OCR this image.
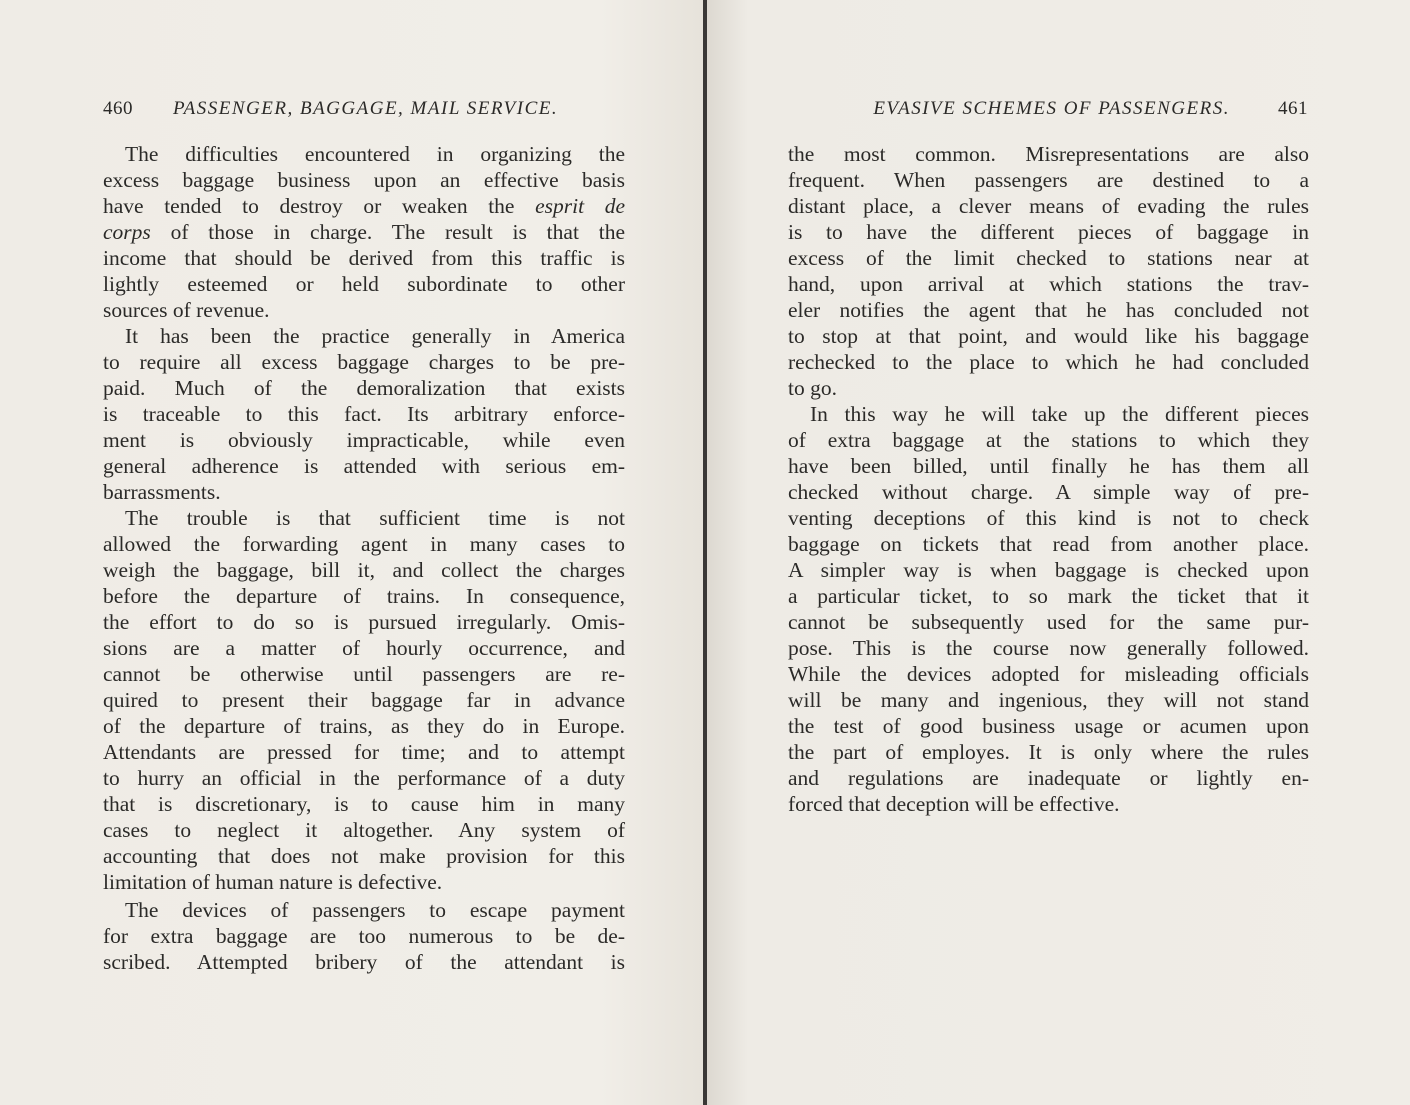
460 PASSENGER, BAGGAGE, MAIL SERVICE.	EVASIVE SCHEMES OF PASSENGERS.	461
The difficulties encountered in organizing the
excess baggage business upon an effective basis
have tended to destroy or weaken the esprit de
corps of those in charge. The result is that the
income that should be derived from this traffic is
lightly esteemed or held subordinate to other
sources of revenue.
It has been the practice generally in America
to require all excess baggage charges to be pre-
paid. Much of the demoralization that exists
is traceable to this fact. Its arbitrary enforce-
ment is obviously impracticable, while even
general adherence is attended with serious em-
barrassments.
The trouble is that sufficient time is not
allowed the forwarding agent in many cases to
weigh the baggage, bill it, and collect the charges
before the departure of trains. In consequence,
the effort to do so is pursued irregularly. Omis-
sions are a matter of hourly occurrence, and
cannot be otherwise until passengers are re-
quired to present their baggage far in advance
of the departure of trains, as they do in Europe.
Attendants are pressed for time; and to attempt
to hurry an official in the performance of a duty
that is discretionary, is to cause him in many
cases to neglect it altogether. Any system of
accounting that does not make provision for this
limitation of human nature is defective.
The devices of passengers to escape payment
for extra baggage are too numerous to be de-
scribed. Attempted bribery of the attendant is
the most common. Misrepresentations are also
frequent. When passengers are destined to a
distant place, a clever means of evading the rules
is to have the different pieces of baggage in
excess of the limit checked to stations near at
hand, upon arrival at which stations the trav-
eler notifies the agent that he has concluded not
to stop at that point, and would like his baggage
rechecked to the place to which he had concluded
to go.
In this way he will take up the different pieces
of extra baggage at the stations to which they
have been billed, until finally he has them all
checked without charge. A simple way of pre-
venting deceptions of this kind is not to check
baggage on tickets that read from another place.
A simpler way is when baggage is checked upon
a particular ticket, to so mark the ticket that it
cannot be subsequently used for the same pur-
pose. This is the course now generally followed.
While the devices adopted for misleading officials
will be many and ingenious, they will not stand
the test of good business usage or acumen upon
the part of employes. It is only where the rules
and regulations are inadequate or lightly en-
forced that deception will be effective.
